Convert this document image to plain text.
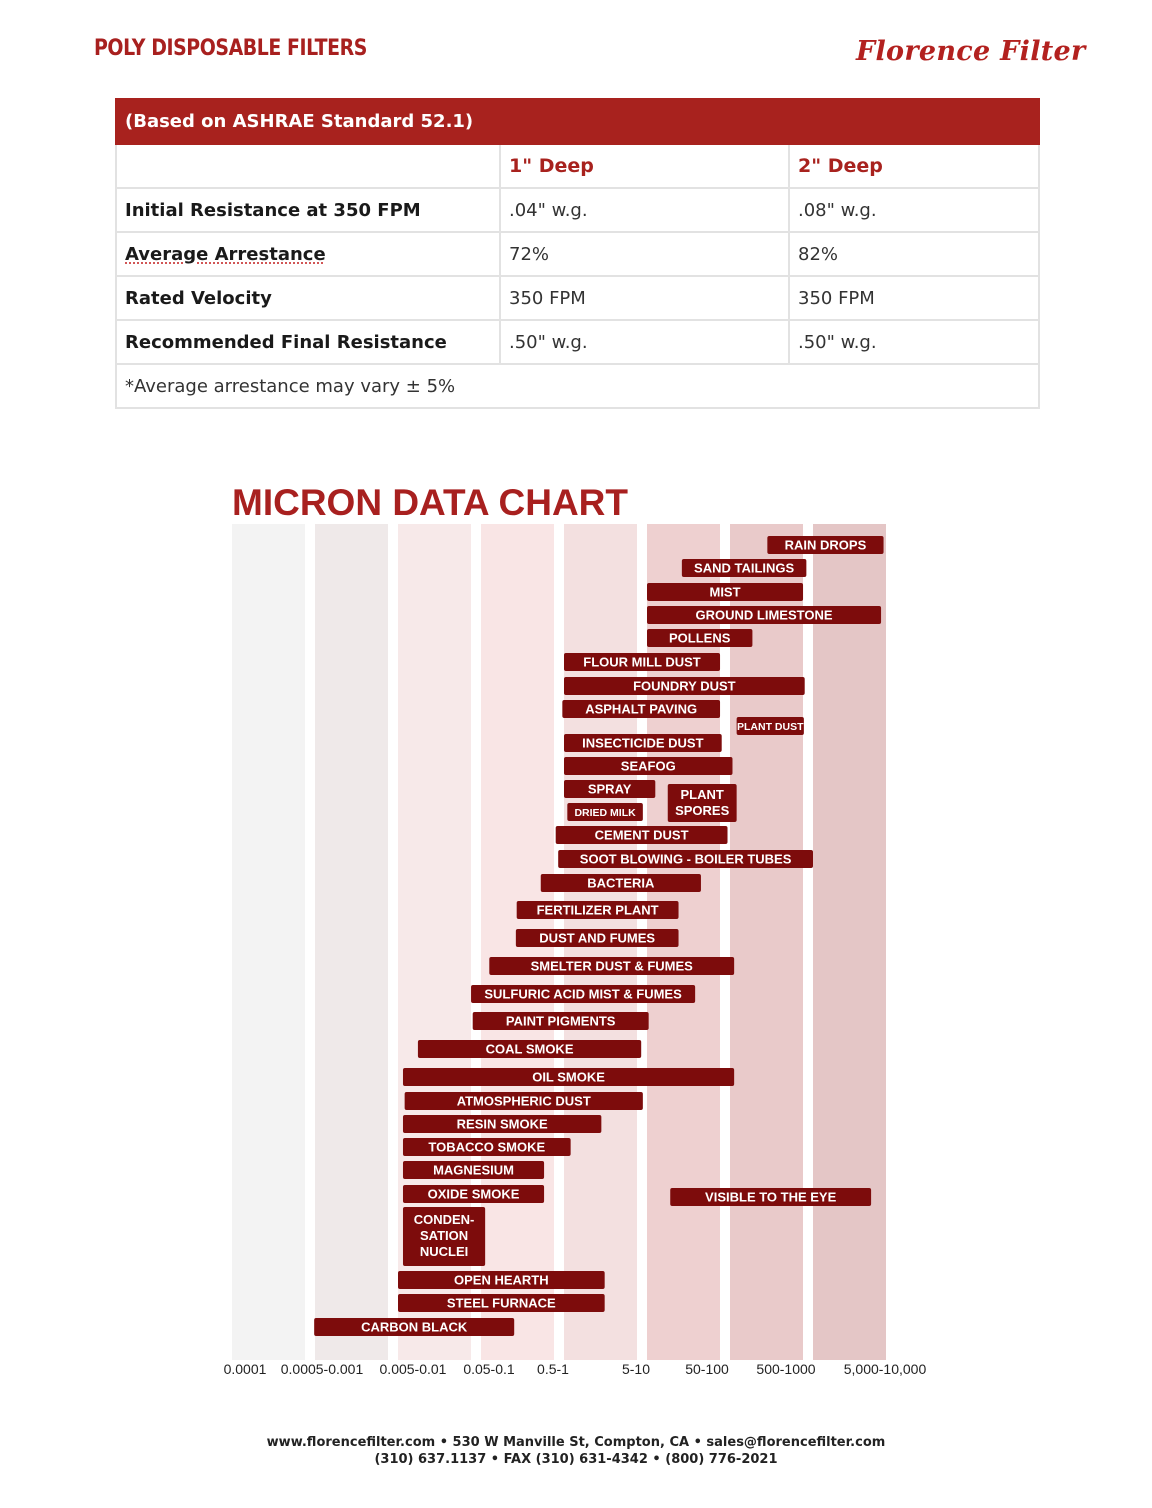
POLY DISPOSABLE FILTERS	Florence Filter
(Based on ASHRAE Standard 52.1)		
	1" Deep	2" Deep
Initial Resistance at 350 FPM	.04" w.g.	.08" w.g.
Average Arrestance	72%	82%
Rated Velocity	350 FPM	350 FPM
Recommended Final Resistance	.50" w.g.	.50" w.g.
*Average arrestance may vary ± 5%		
MICRON DATA CHART
0.0001 0.0005-0.001 0.005-0.01 0.05-0.1 0.5-1	5-10	50-100 500-1000 5,000-10,000
RAIN DROPS
SAND TAILINGS
MIST
GROUND LIMESTONE
POLLENS
FLOUR MILL DUST
FOUNDRY DUST
ASPHALT PAVING
PLANT DUST
INSECTICIDE DUST
SEAFOG
SPRAY
DRIED MILK
PLANT SPORES
CEMENT DUST
SOOT BLOWING - BOILER TUBES
BACTERIA
FERTILIZER PLANT
DUST AND FUMES
SMELTER DUST & FUMES
SULFURIC ACID MIST & FUMES
PAINT PIGMENTS
COAL SMOKE
OIL SMOKE
ATMOSPHERIC DUST
RESIN SMOKE
TOBACCO SMOKE
MAGNESIUM
OXIDE SMOKE	VISIBLE TO THE EYE
CONDEN-SATION NUCLEI
OPEN HEARTH
STEEL FURNACE
CARBON BLACK
www.florencefilter.com • 530 W Manville St, Compton, CA • sales@florencefilter.com
(310) 637.1137 • FAX (310) 631-4342 • (800) 776-2021
